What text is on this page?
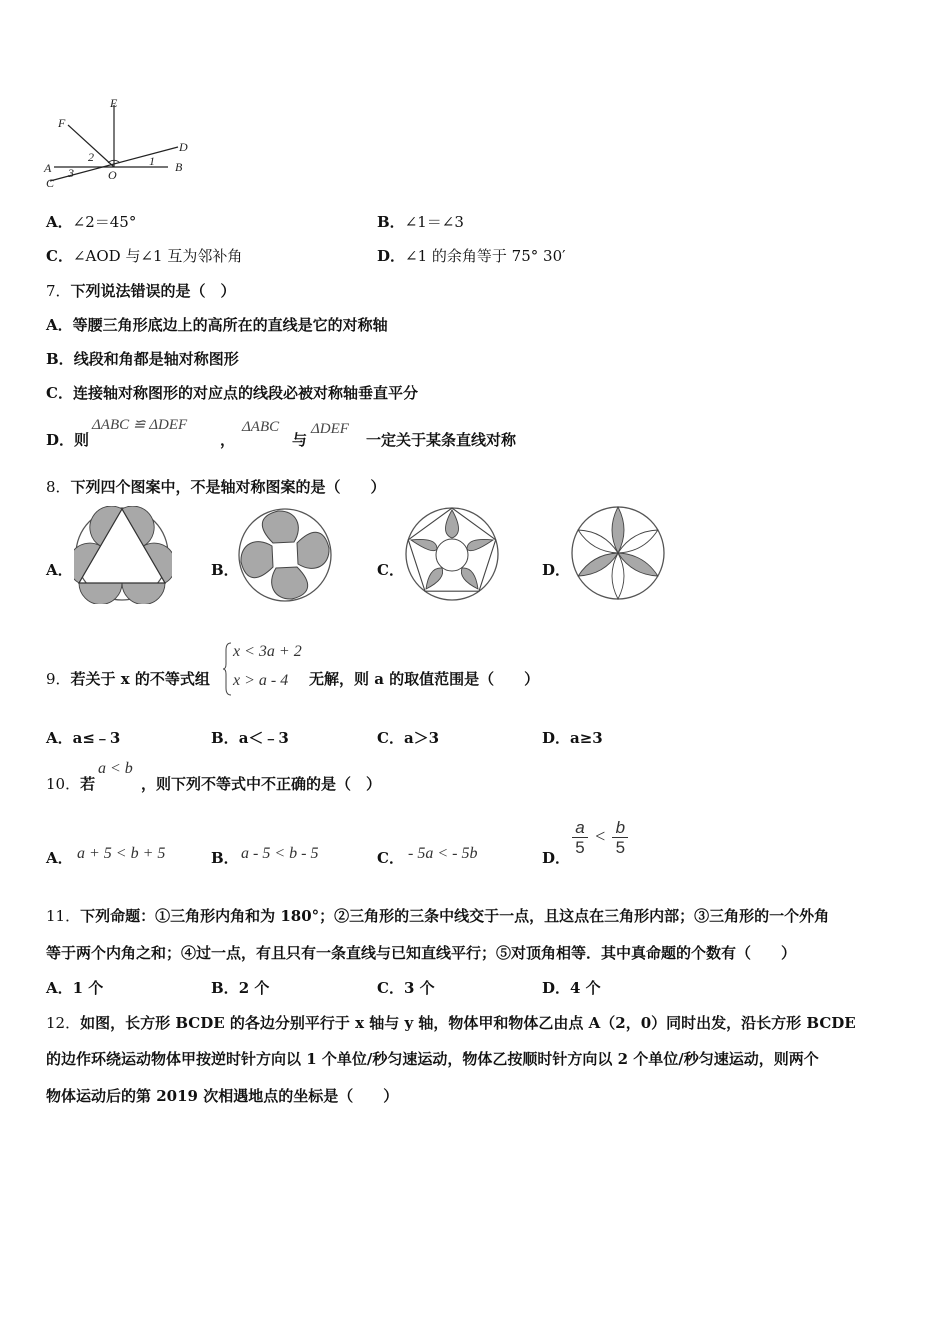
E
F
D
A	B
C
O
1
2
3
A．∠2＝45°	B．∠1＝∠3
C．∠AOD 与∠1 互为邻补角	D．∠1 的余角等于 75° 30′
7．下列说法错误的是（　）
A．等腰三角形底边上的高所在的直线是它的对称轴
B．线段和角都是轴对称图形
C．连接轴对称图形的对应点的线段必被对称轴垂直平分
D．则
ΔABC ≌ ΔDEF
，
ΔABC
与
ΔDEF
一定关于某条直线对称
8．下列四个图案中，不是轴对称图案的是（　　）
A．	B．	C．	D．
9．若关于 x 的不等式组
x < 3a + 2
x > a - 4 无解，则 a 的取值范围是（　　）
A．a≤﹣3	B．a＜﹣3	C．a＞3	D．a≥3
10．若
a < b
，则下列不等式中不正确的是（　）
A． a + 5 < b + 5	B． a - 5 < b - 5	C． - 5a < - 5b	D．
$\frac{a}{5} < \frac{b}{5}$
11．下列命题：①三角形内角和为 180°；②三角形的三条中线交于一点，且这点在三角形内部；③三角形的一个外角
等于两个内角之和；④过一点，有且只有一条直线与已知直线平行；⑤对顶角相等．其中真命题的个数有（　　）
A．1 个	B．2 个	C．3 个	D．4 个
12．如图，长方形 BCDE 的各边分别平行于 x 轴与 y 轴，物体甲和物体乙由点 A（2，0）同时出发，沿长方形 BCDE
的边作环绕运动物体甲按逆时针方向以 1 个单位/秒匀速运动，物体乙按顺时针方向以 2 个单位/秒匀速运动，则两个
物体运动后的第 2019 次相遇地点的坐标是（　　）
